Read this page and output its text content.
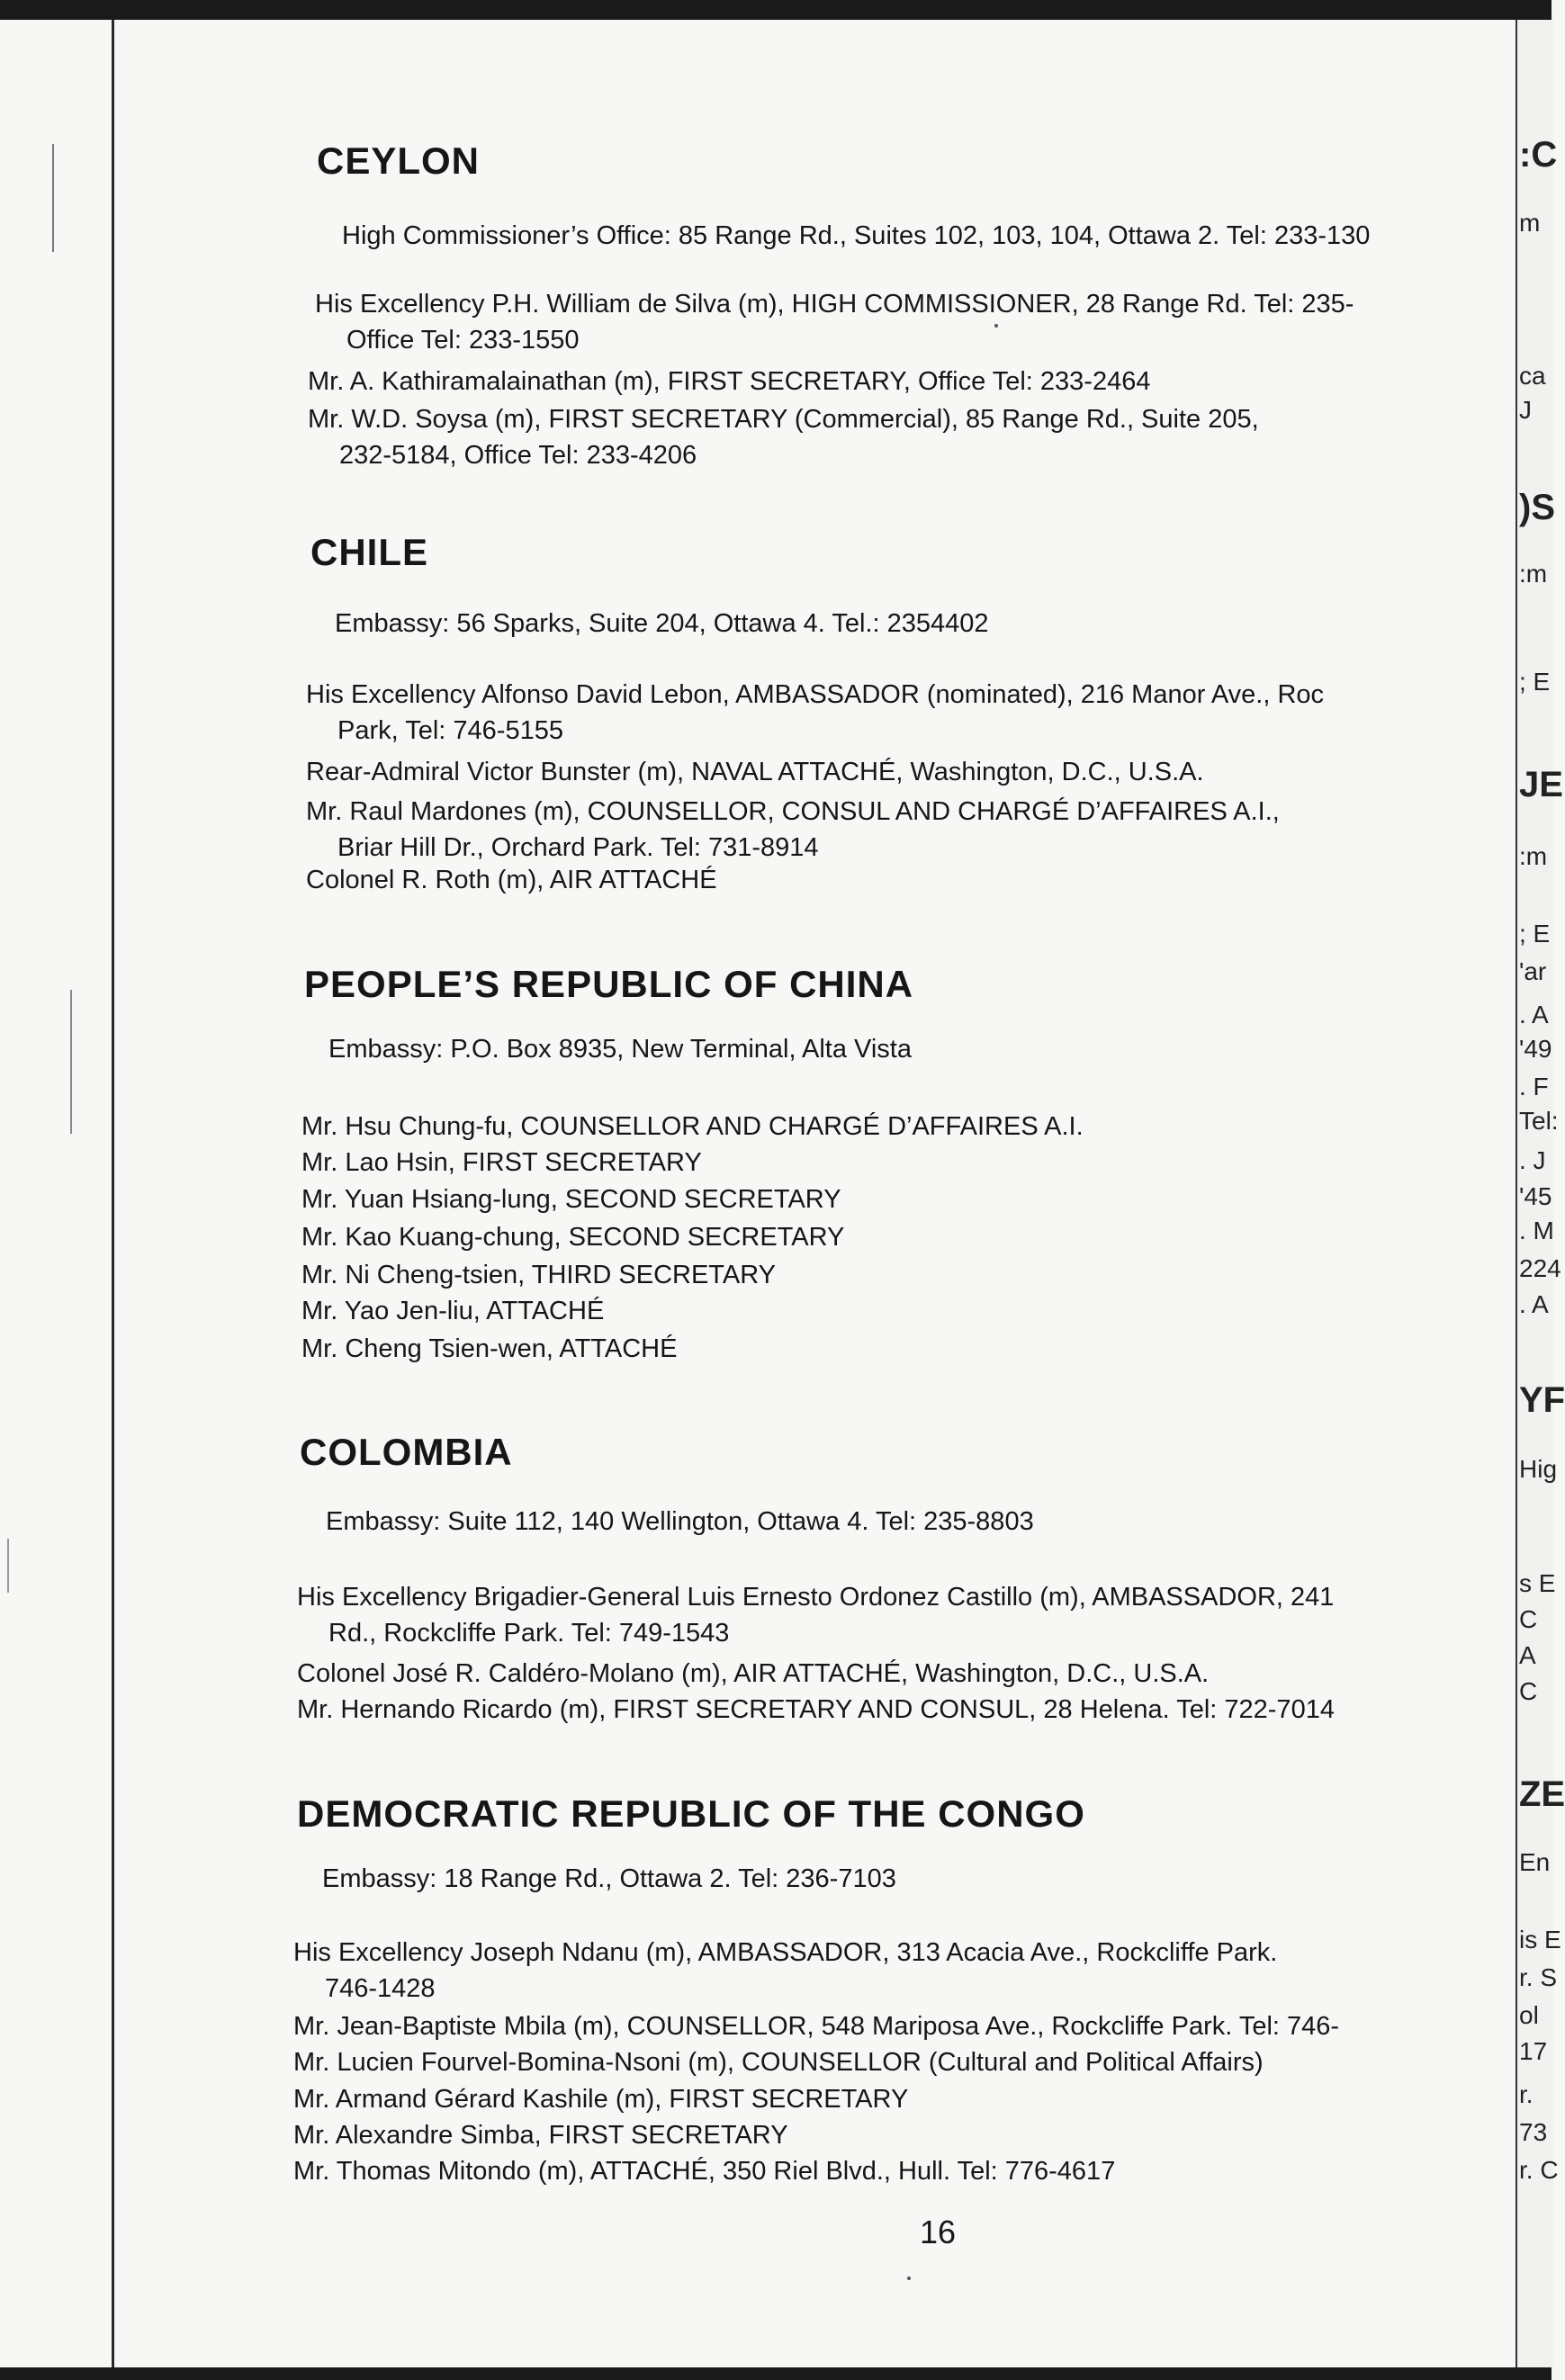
CEYLON

High Commissioner’s Office: 85 Range Rd., Suites 102, 103, 104, Ottawa 2. Tel: 233-130

His Excellency P.H. William de Silva (m), HIGH COMMISSIONER, 28 Range Rd. Tel: 235-
Office Tel: 233-1550
Mr. A. Kathiramalainathan (m), FIRST SECRETARY, Office Tel: 233-2464
Mr. W.D. Soysa (m), FIRST SECRETARY (Commercial), 85 Range Rd., Suite 205,
232-5184, Office Tel: 233-4206
CHILE

Embassy: 56 Sparks, Suite 204, Ottawa 4. Tel.: 2354402

His Excellency Alfonso David Lebon, AMBASSADOR (nominated), 216 Manor Ave., Roc
Park, Tel: 746-5155
Rear-Admiral Victor Bunster (m), NAVAL ATTACHÉ, Washington, D.C., U.S.A.
Mr. Raul Mardones (m), COUNSELLOR, CONSUL AND CHARGÉ D’AFFAIRES A.I.,
Briar Hill Dr., Orchard Park. Tel: 731-8914
Colonel R. Roth (m), AIR ATTACHÉ
PEOPLE’S REPUBLIC OF CHINA

Embassy: P.O. Box 8935, New Terminal, Alta Vista

Mr. Hsu Chung-fu, COUNSELLOR AND CHARGÉ D’AFFAIRES A.I.
Mr. Lao Hsin, FIRST SECRETARY
Mr. Yuan Hsiang-lung, SECOND SECRETARY
Mr. Kao Kuang-chung, SECOND SECRETARY
Mr. Ni Cheng-tsien, THIRD SECRETARY
Mr. Yao Jen-liu, ATTACHÉ
Mr. Cheng Tsien-wen, ATTACHÉ
COLOMBIA

Embassy: Suite 112, 140 Wellington, Ottawa 4. Tel: 235-8803

His Excellency Brigadier-General Luis Ernesto Ordonez Castillo (m), AMBASSADOR, 241
Rd., Rockcliffe Park. Tel: 749-1543
Colonel José R. Caldéro-Molano (m), AIR ATTACHÉ, Washington, D.C., U.S.A.
Mr. Hernando Ricardo (m), FIRST SECRETARY AND CONSUL, 28 Helena. Tel: 722-7014
DEMOCRATIC REPUBLIC OF THE CONGO

Embassy: 18 Range Rd., Ottawa 2. Tel: 236-7103

His Excellency Joseph Ndanu (m), AMBASSADOR, 313 Acacia Ave., Rockcliffe Park.
746-1428
Mr. Jean-Baptiste Mbila (m), COUNSELLOR, 548 Mariposa Ave., Rockcliffe Park. Tel: 746-
Mr. Lucien Fourvel-Bomina-Nsoni (m), COUNSELLOR (Cultural and Political Affairs)
Mr. Armand Gérard Kashile (m), FIRST SECRETARY
Mr. Alexandre Simba, FIRST SECRETARY
Mr. Thomas Mitondo (m), ATTACHÉ, 350 Riel Blvd., Hull. Tel: 776-4617
16
:C
m
ca
J
)S
:m
; E
JE
:m
; E
'ar
. A
'49
. F
Tel:
. J
'45
. M
224
. A
YF
Hig
s E
C
A
C
ZE
En
is E
r. S
ol
17
r.
73
r. C
